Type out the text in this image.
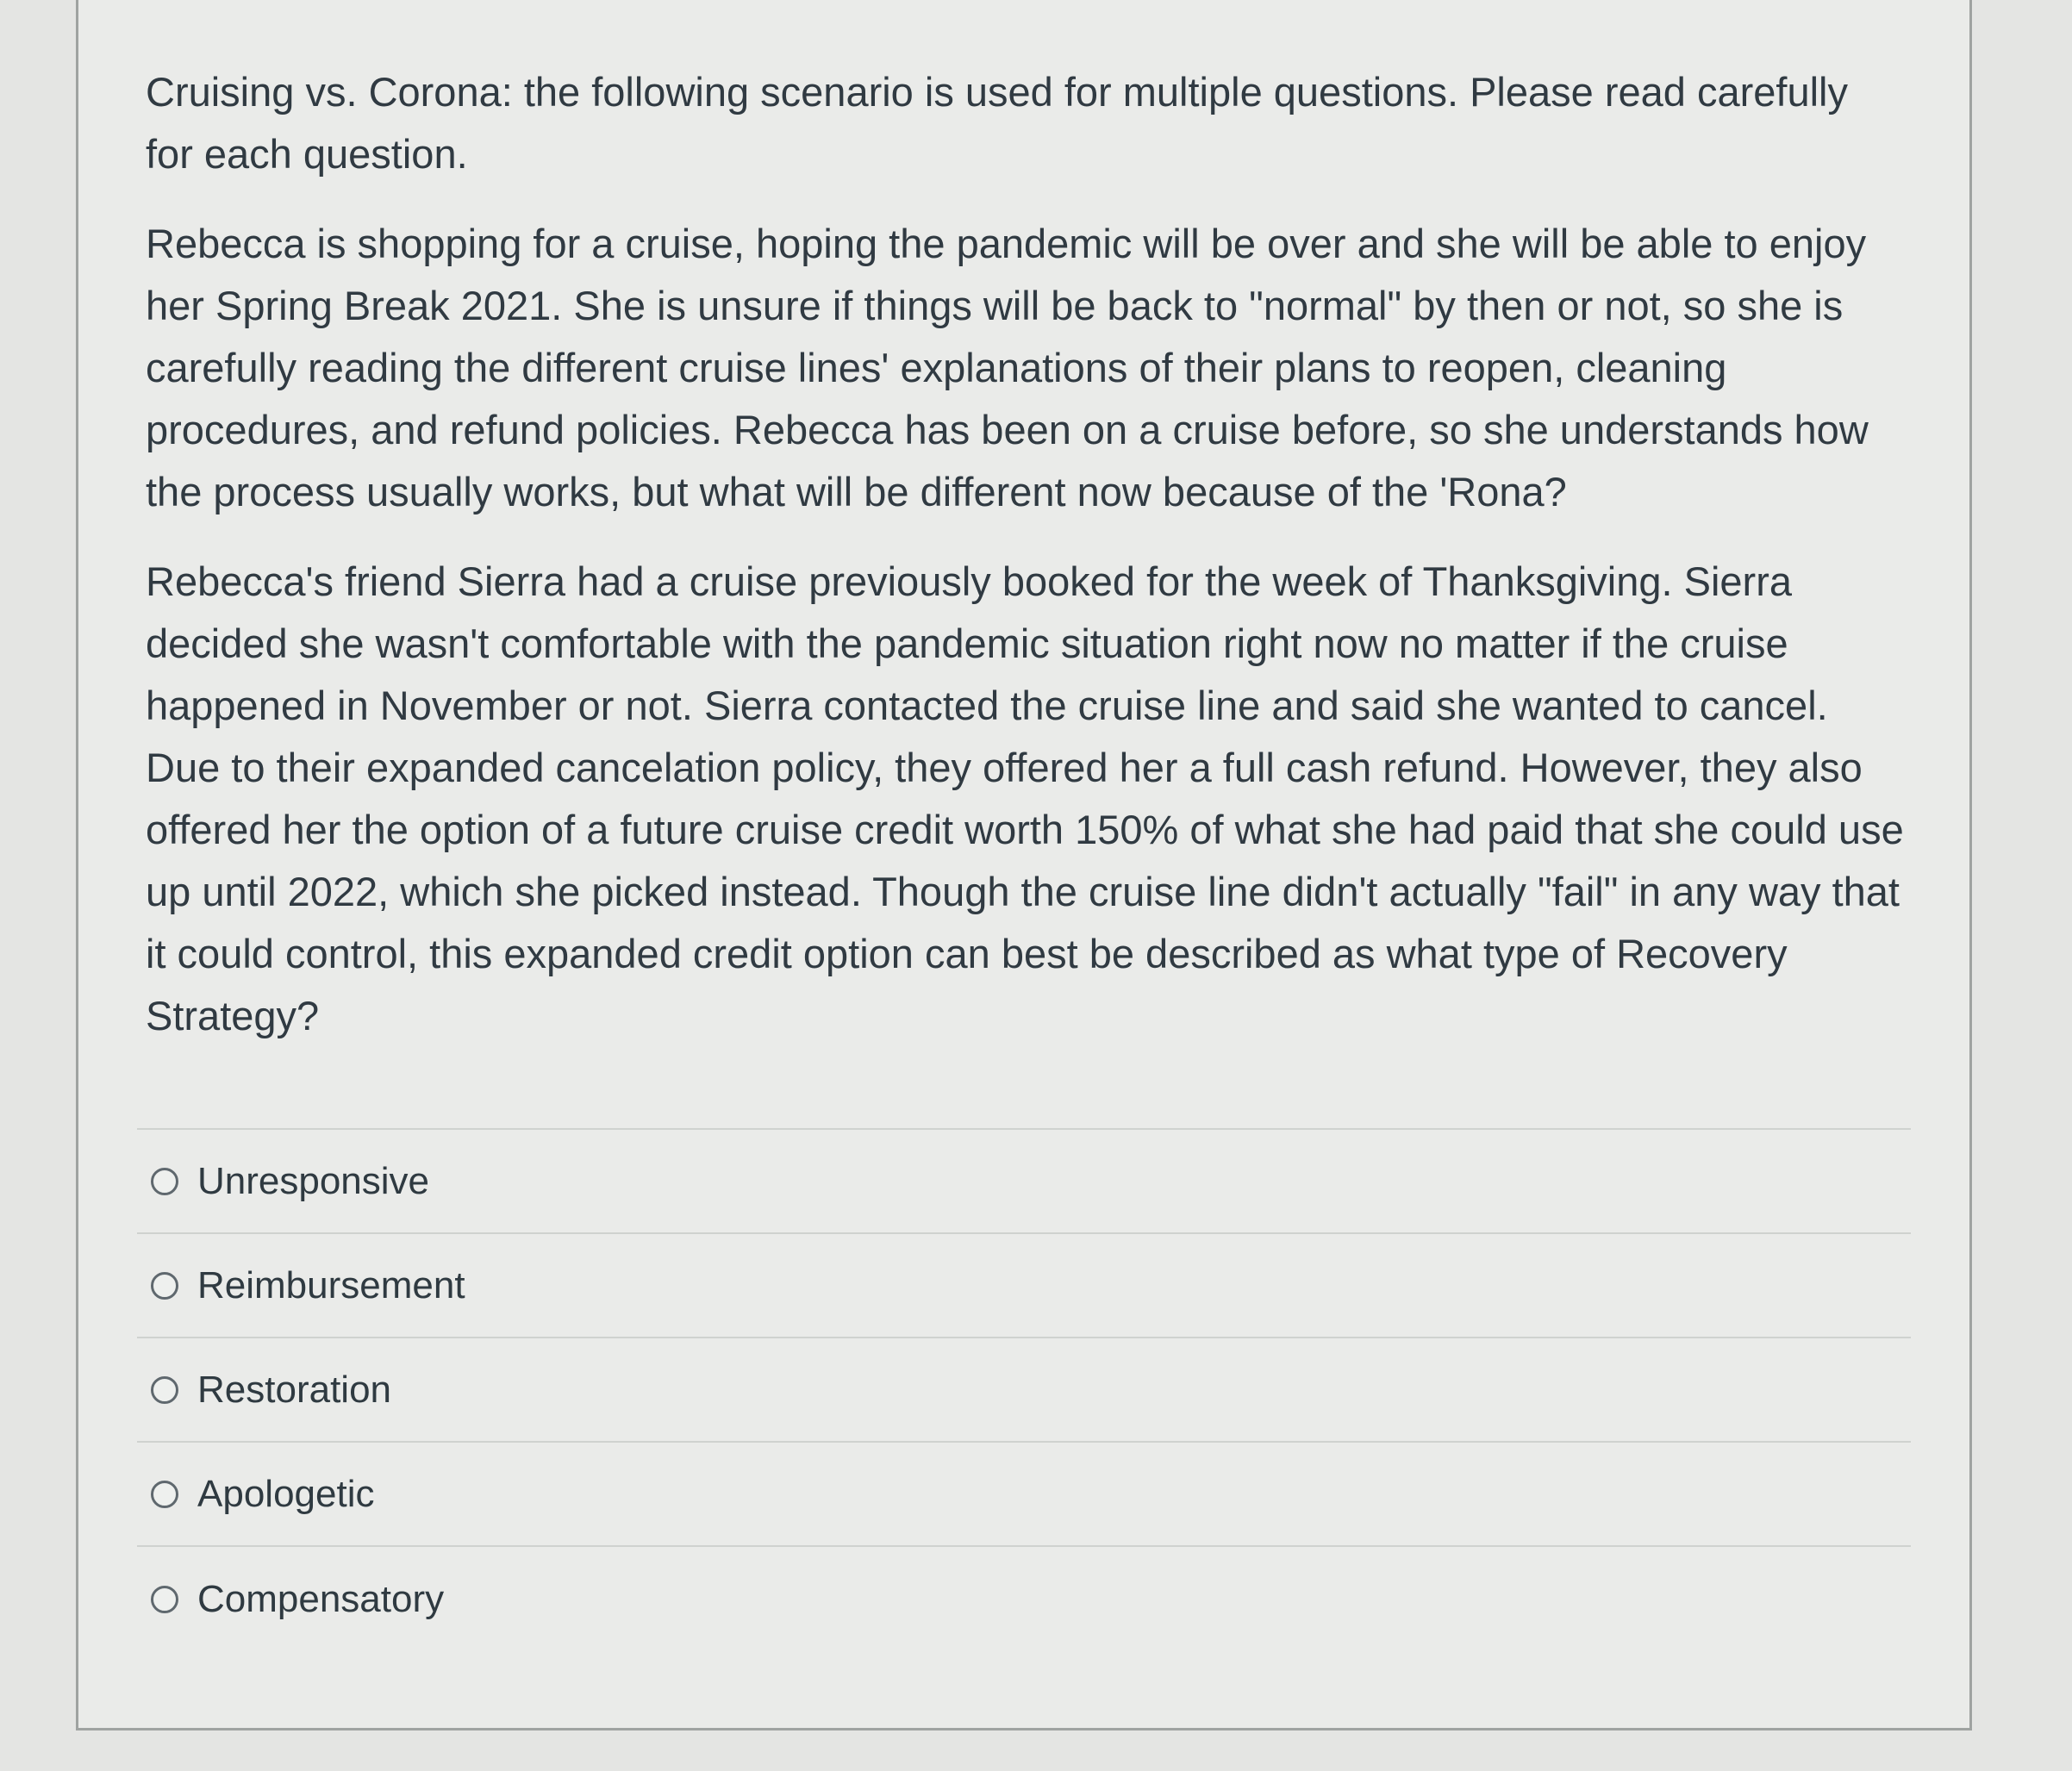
Cruising vs. Corona: the following scenario is used for multiple questions. Please read carefully for each question.

Rebecca is shopping for a cruise, hoping the pandemic will be over and she will be able to enjoy her Spring Break 2021. She is unsure if things will be back to "normal" by then or not, so she is carefully reading the different cruise lines' explanations of their plans to reopen, cleaning procedures, and refund policies. Rebecca has been on a cruise before, so she understands how the process usually works, but what will be different now because of the 'Rona?

Rebecca's friend Sierra had a cruise previously booked for the week of Thanksgiving. Sierra decided she wasn't comfortable with the pandemic situation right now no matter if the cruise happened in November or not. Sierra contacted the cruise line and said she wanted to cancel. Due to their expanded cancelation policy, they offered her a full cash refund. However, they also offered her the option of a future cruise credit worth 150% of what she had paid that she could use up until 2022, which she picked instead. Though the cruise line didn't actually "fail" in any way that it could control, this expanded credit option can best be described as what type of Recovery Strategy?

Unresponsive
Reimbursement
Restoration
Apologetic
Compensatory
